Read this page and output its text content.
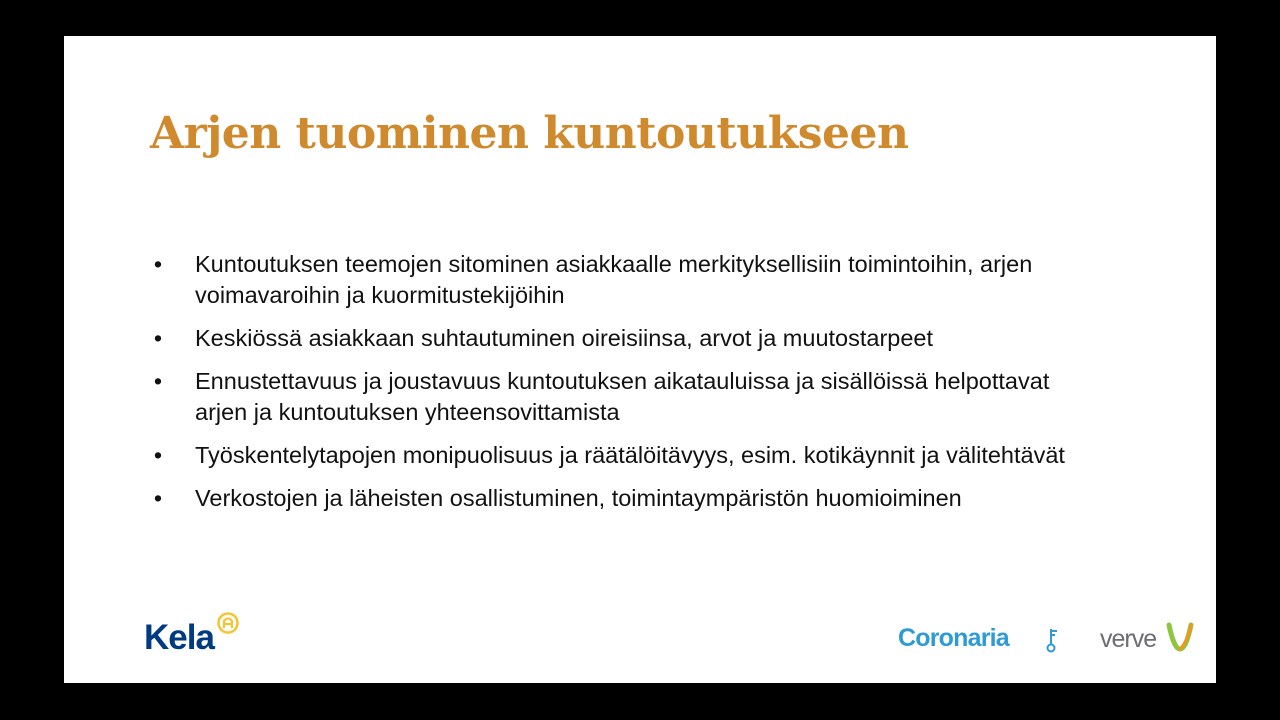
Arjen tuominen kuntoutukseen
• Kuntoutuksen teemojen sitominen asiakkaalle merkityksellisiin toimintoihin, arjen voimavaroihin ja kuormitustekijöihin
• Keskiössä asiakkaan suhtautuminen oireisiinsa, arvot ja muutostarpeet
• Ennustettavuus ja joustavuus kuntoutuksen aikatauluissa ja sisällöissä helpottavat arjen ja kuntoutuksen yhteensovittamista
• Työskentelytapojen monipuolisuus ja räätälöitävyys, esim. kotikäynnit ja välitehtävät
• Verkostojen ja läheisten osallistuminen, toimintaympäristön huomioiminen
Kela	Coronaria	verve
